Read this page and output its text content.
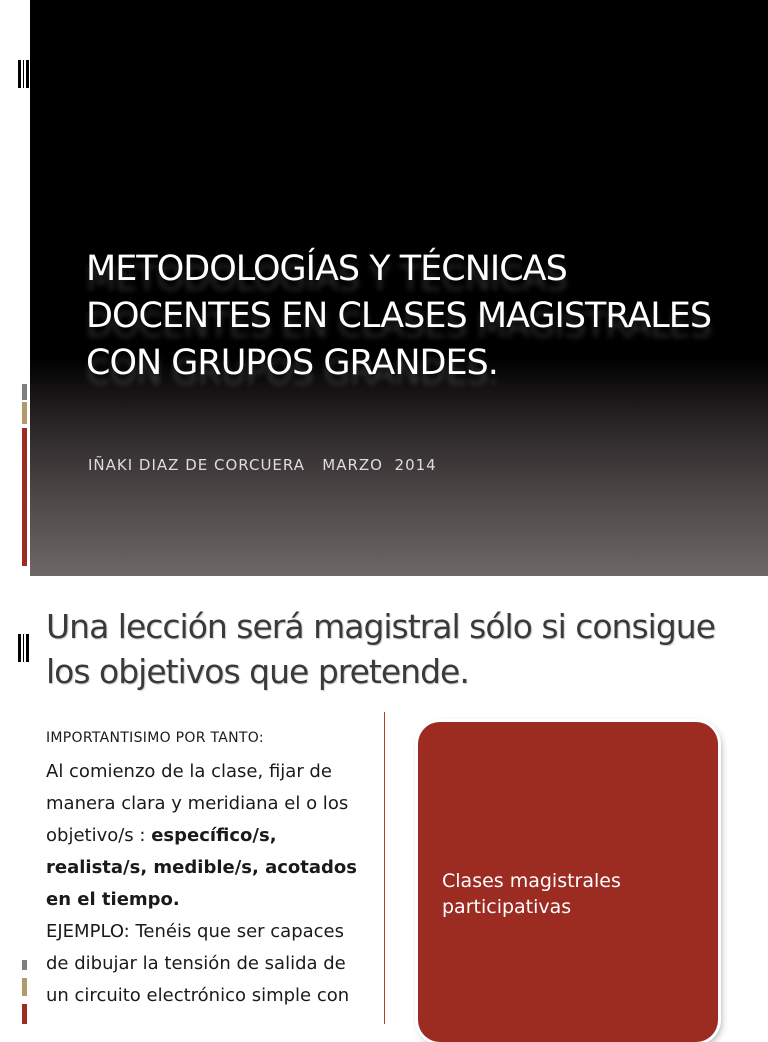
METODOLOGÍAS Y TÉCNICAS DOCENTES EN CLASES MAGISTRALES CON GRUPOS GRANDES.

IÑAKI DIAZ DE CORCUERA   MARZO  2014

Una lección será magistral sólo si consigue los objetivos que pretende.

IMPORTANTISIMO POR TANTO:

Al comienzo de la clase, fijar de manera clara y meridiana el o los objetivo/s : específico/s, realista/s, medible/s, acotados en el tiempo.

EJEMPLO: Tenéis que ser capaces de dibujar la tensión de salida de un circuito electrónico simple con

Clases magistrales participativas
